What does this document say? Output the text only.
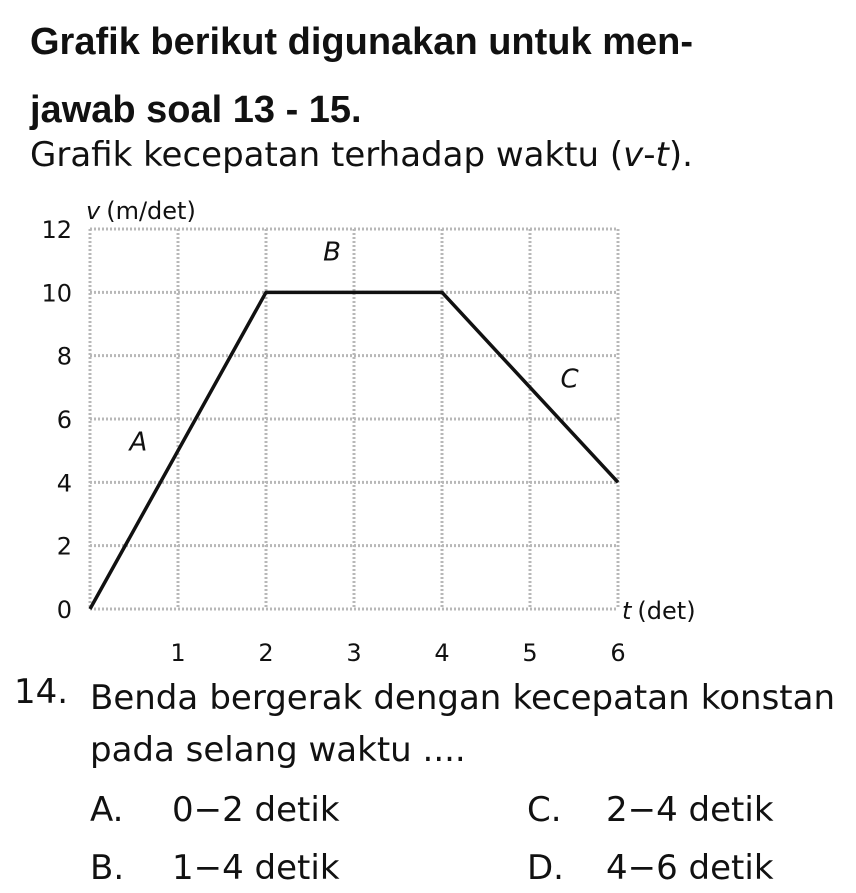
Grafik berikut digunakan untuk men-
jawab soal 13 - 15.
Grafik kecepatan terhadap waktu (v-t).
0
2
4
6
8
10
12
1	2	3	4	5	6
v (m/det)
t (det)
A
B
C
14. Benda bergerak dengan kecepatan konstan pada selang waktu ....
A. 0−2 detik
B. 1−4 detik
C. 2−4 detik
D. 4−6 detik
